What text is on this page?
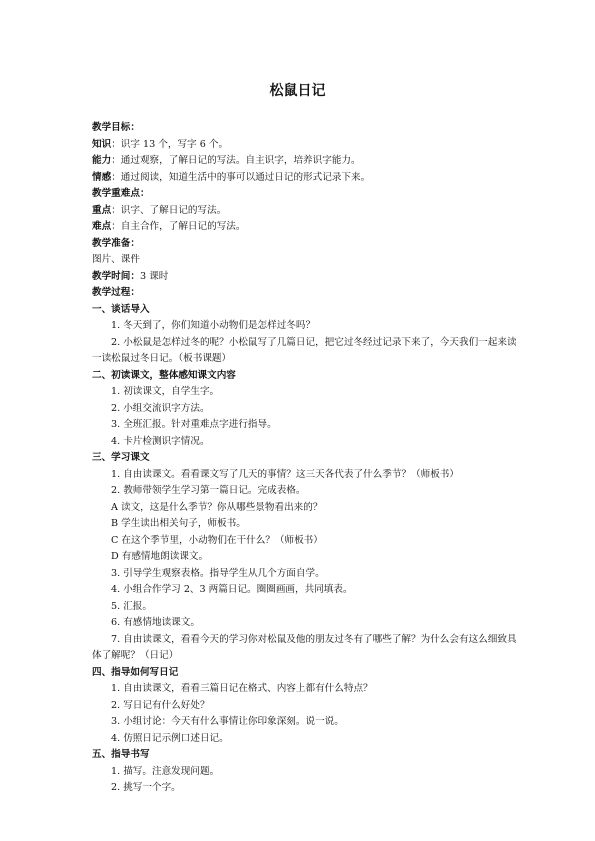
松鼠日记
教学目标：
知识：识字 13 个，写字 6 个。
能力：通过观察，了解日记的写法。自主识字，培养识字能力。
情感：通过阅读，知道生活中的事可以通过日记的形式记录下来。
教学重难点：
重点：识字、了解日记的写法。
难点：自主合作，了解日记的写法。
教学准备：
图片、课件
教学时间：3 课时
教学过程：
一、谈话导入
1. 冬天到了，你们知道小动物们是怎样过冬吗？
2. 小松鼠是怎样过冬的呢？小松鼠写了几篇日记，把它过冬经过记录下来了，今天我们一起来读一读松鼠过冬日记。（板书课题）
二、初读课文，整体感知课文内容
1. 初读课文，自学生字。
2. 小组交流识字方法。
3. 全班汇报。针对重难点字进行指导。
4. 卡片检测识字情况。
三、学习课文
1. 自由读课文。看看课文写了几天的事情？这三天各代表了什么季节？（师板书）
2. 教师带领学生学习第一篇日记。完成表格。
A 读文，这是什么季节？你从哪些景物看出来的？
B 学生读出相关句子，师板书。
C 在这个季节里，小动物们在干什么？（师板书）
D 有感情地朗读课文。
3. 引导学生观察表格。指导学生从几个方面自学。
4. 小组合作学习 2、3 两篇日记。圈圈画画，共同填表。
5. 汇报。
6. 有感情地读课文。
7. 自由读课文，看看今天的学习你对松鼠及他的朋友过冬有了哪些了解？为什么会有这么细致具体了解呢？（日记）
四、指导如何写日记
1. 自由读课文，看看三篇日记在格式、内容上都有什么特点？
2. 写日记有什么好处？
3. 小组讨论：今天有什么事情让你印象深刻。说一说。
4. 仿照日记示例口述日记。
五、指导书写
1. 描写。注意发现问题。
2. 挑写一个字。
